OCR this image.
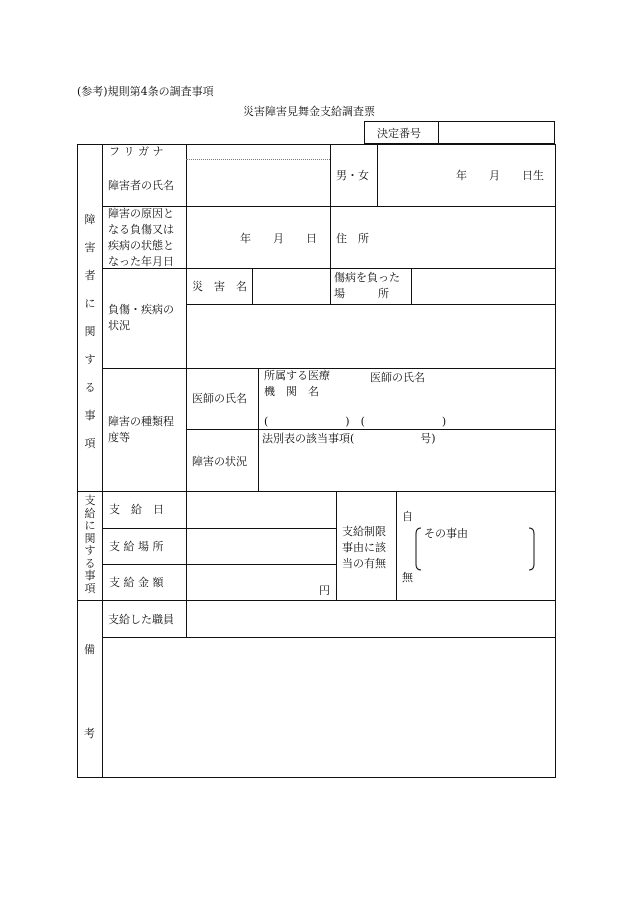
(参考)規則第4条の調査事項
災害障害見舞金支給調査票
決定番号
障
害
者
に
関
す
る
事
項
フ リ ガ ナ
障害者の氏名
男・女	年　　月　　日生
障害の原因と
なる負傷又は
疾病の状態と
なった年月日
年　　月　　日 住　所
負傷・疾病の
状況
災　害　名
傷病を負った
場　　　所
障害の種類程
度等
医師の氏名
所属する医療
機　関　名
医師の氏名
(　　　　　　　)　(　　　　　　　)
法別表の該当事項(　　　　　　号)
障害の状況
支
給
に
関
す
る
事
項
支　給　日
支 給 場 所
支 給 金 額
円
支給制限
事由に該
当の有無
自
無
その事由
備
考
支給した職員
